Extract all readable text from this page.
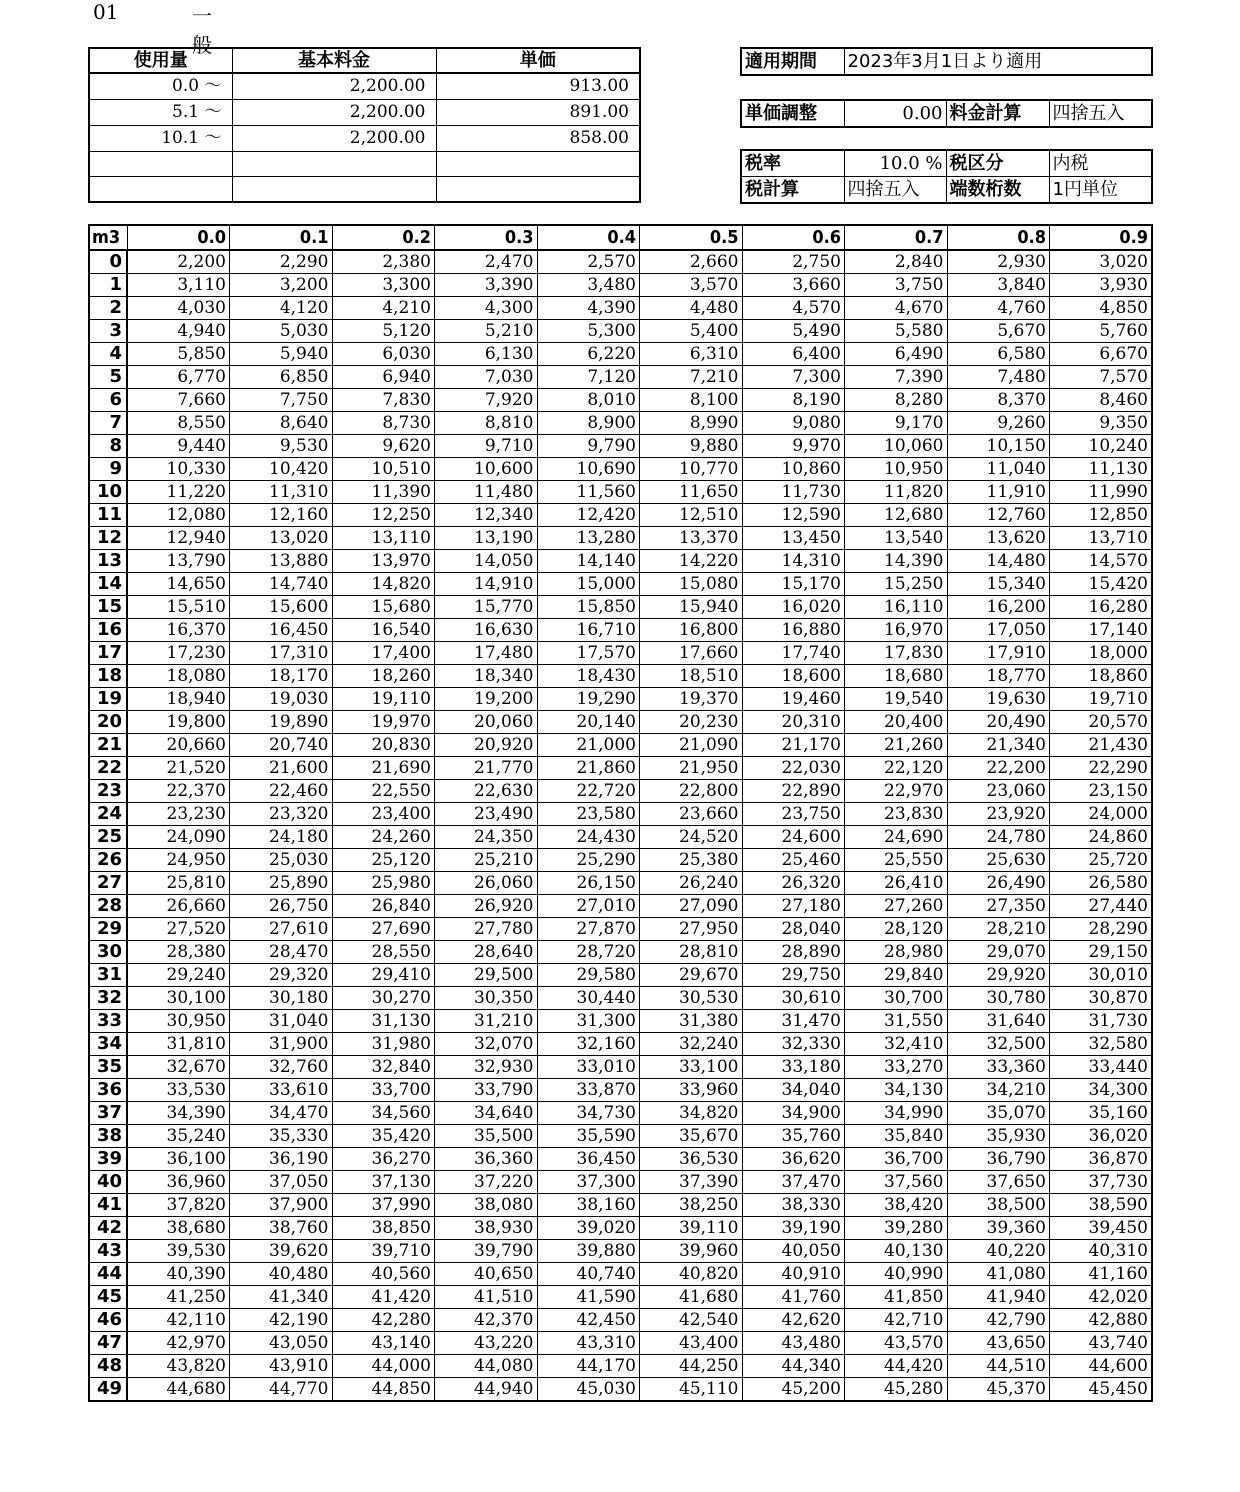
01	一般
使用量	基本料金	単価
0.0 〜	2,200.00	913.00
5.1 〜	2,200.00	891.00
10.1 〜	2,200.00	858.00

適用期間	2023年3月1日より適用
単価調整	0.00	料金計算	四捨五入
税率	10.0 %	税区分	内税
税計算	四捨五入	端数桁数	1円単位
m3	0.0	0.1	0.2	0.3	0.4	0.5	0.6	0.7	0.8	0.9
0	2,200	2,290	2,380	2,470	2,570	2,660	2,750	2,840	2,930	3,020
1	3,110	3,200	3,300	3,390	3,480	3,570	3,660	3,750	3,840	3,930
2	4,030	4,120	4,210	4,300	4,390	4,480	4,570	4,670	4,760	4,850
3	4,940	5,030	5,120	5,210	5,300	5,400	5,490	5,580	5,670	5,760
4	5,850	5,940	6,030	6,130	6,220	6,310	6,400	6,490	6,580	6,670
5	6,770	6,850	6,940	7,030	7,120	7,210	7,300	7,390	7,480	7,570
6	7,660	7,750	7,830	7,920	8,010	8,100	8,190	8,280	8,370	8,460
7	8,550	8,640	8,730	8,810	8,900	8,990	9,080	9,170	9,260	9,350
8	9,440	9,530	9,620	9,710	9,790	9,880	9,970	10,060	10,150	10,240
9	10,330	10,420	10,510	10,600	10,690	10,770	10,860	10,950	11,040	11,130
10	11,220	11,310	11,390	11,480	11,560	11,650	11,730	11,820	11,910	11,990
11	12,080	12,160	12,250	12,340	12,420	12,510	12,590	12,680	12,760	12,850
12	12,940	13,020	13,110	13,190	13,280	13,370	13,450	13,540	13,620	13,710
13	13,790	13,880	13,970	14,050	14,140	14,220	14,310	14,390	14,480	14,570
14	14,650	14,740	14,820	14,910	15,000	15,080	15,170	15,250	15,340	15,420
15	15,510	15,600	15,680	15,770	15,850	15,940	16,020	16,110	16,200	16,280
16	16,370	16,450	16,540	16,630	16,710	16,800	16,880	16,970	17,050	17,140
17	17,230	17,310	17,400	17,480	17,570	17,660	17,740	17,830	17,910	18,000
18	18,080	18,170	18,260	18,340	18,430	18,510	18,600	18,680	18,770	18,860
19	18,940	19,030	19,110	19,200	19,290	19,370	19,460	19,540	19,630	19,710
20	19,800	19,890	19,970	20,060	20,140	20,230	20,310	20,400	20,490	20,570
21	20,660	20,740	20,830	20,920	21,000	21,090	21,170	21,260	21,340	21,430
22	21,520	21,600	21,690	21,770	21,860	21,950	22,030	22,120	22,200	22,290
23	22,370	22,460	22,550	22,630	22,720	22,800	22,890	22,970	23,060	23,150
24	23,230	23,320	23,400	23,490	23,580	23,660	23,750	23,830	23,920	24,000
25	24,090	24,180	24,260	24,350	24,430	24,520	24,600	24,690	24,780	24,860
26	24,950	25,030	25,120	25,210	25,290	25,380	25,460	25,550	25,630	25,720
27	25,810	25,890	25,980	26,060	26,150	26,240	26,320	26,410	26,490	26,580
28	26,660	26,750	26,840	26,920	27,010	27,090	27,180	27,260	27,350	27,440
29	27,520	27,610	27,690	27,780	27,870	27,950	28,040	28,120	28,210	28,290
30	28,380	28,470	28,550	28,640	28,720	28,810	28,890	28,980	29,070	29,150
31	29,240	29,320	29,410	29,500	29,580	29,670	29,750	29,840	29,920	30,010
32	30,100	30,180	30,270	30,350	30,440	30,530	30,610	30,700	30,780	30,870
33	30,950	31,040	31,130	31,210	31,300	31,380	31,470	31,550	31,640	31,730
34	31,810	31,900	31,980	32,070	32,160	32,240	32,330	32,410	32,500	32,580
35	32,670	32,760	32,840	32,930	33,010	33,100	33,180	33,270	33,360	33,440
36	33,530	33,610	33,700	33,790	33,870	33,960	34,040	34,130	34,210	34,300
37	34,390	34,470	34,560	34,640	34,730	34,820	34,900	34,990	35,070	35,160
38	35,240	35,330	35,420	35,500	35,590	35,670	35,760	35,840	35,930	36,020
39	36,100	36,190	36,270	36,360	36,450	36,530	36,620	36,700	36,790	36,870
40	36,960	37,050	37,130	37,220	37,300	37,390	37,470	37,560	37,650	37,730
41	37,820	37,900	37,990	38,080	38,160	38,250	38,330	38,420	38,500	38,590
42	38,680	38,760	38,850	38,930	39,020	39,110	39,190	39,280	39,360	39,450
43	39,530	39,620	39,710	39,790	39,880	39,960	40,050	40,130	40,220	40,310
44	40,390	40,480	40,560	40,650	40,740	40,820	40,910	40,990	41,080	41,160
45	41,250	41,340	41,420	41,510	41,590	41,680	41,760	41,850	41,940	42,020
46	42,110	42,190	42,280	42,370	42,450	42,540	42,620	42,710	42,790	42,880
47	42,970	43,050	43,140	43,220	43,310	43,400	43,480	43,570	43,650	43,740
48	43,820	43,910	44,000	44,080	44,170	44,250	44,340	44,420	44,510	44,600
49	44,680	44,770	44,850	44,940	45,030	45,110	45,200	45,280	45,370	45,450
